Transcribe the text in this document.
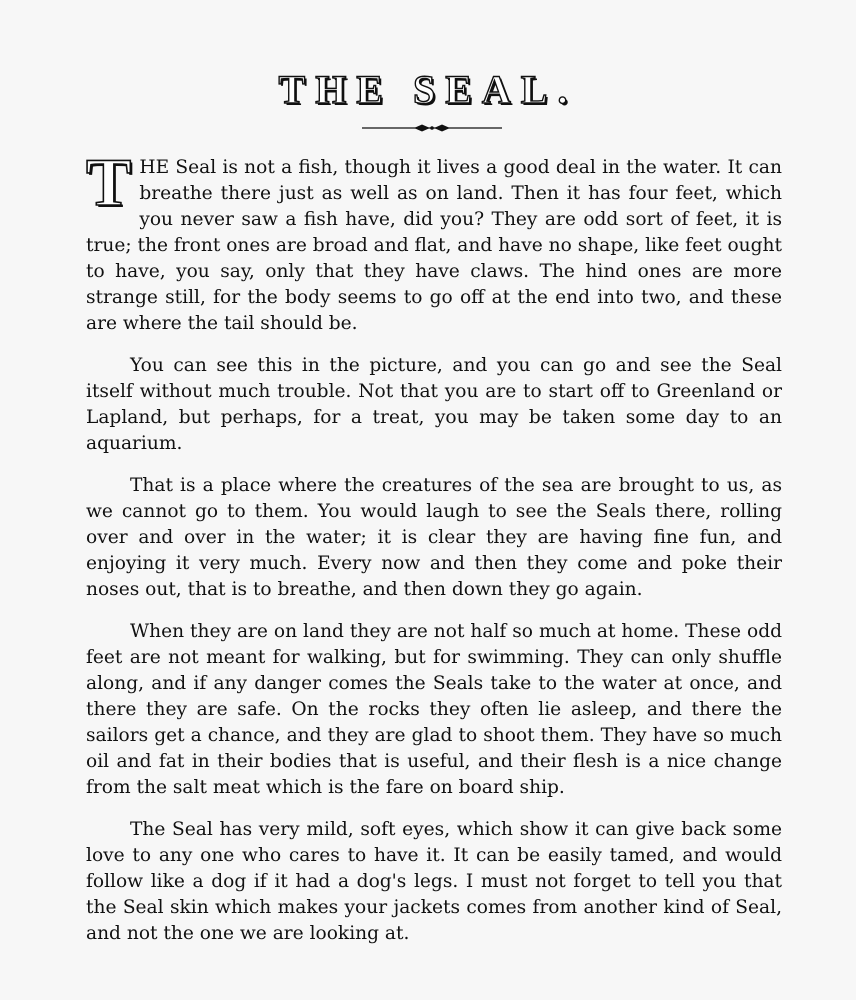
THE SEAL.

THE Seal is not a fish, though it lives a good deal in the water. It can breathe there just as well as on land. Then it has four feet, which you never saw a fish have, did you? They are odd sort of feet, it is true; the front ones are broad and flat, and have no shape, like feet ought to have, you say, only that they have claws. The hind ones are more strange still, for the body seems to go off at the end into two, and these are where the tail should be.

You can see this in the picture, and you can go and see the Seal itself without much trouble. Not that you are to start off to Greenland or Lapland, but perhaps, for a treat, you may be taken some day to an aquarium.

That is a place where the creatures of the sea are brought to us, as we cannot go to them. You would laugh to see the Seals there, rolling over and over in the water; it is clear they are having fine fun, and enjoying it very much. Every now and then they come and poke their noses out, that is to breathe, and then down they go again.

When they are on land they are not half so much at home. These odd feet are not meant for walking, but for swimming. They can only shuffle along, and if any danger comes the Seals take to the water at once, and there they are safe. On the rocks they often lie asleep, and there the sailors get a chance, and they are glad to shoot them. They have so much oil and fat in their bodies that is useful, and their flesh is a nice change from the salt meat which is the fare on board ship.

The Seal has very mild, soft eyes, which show it can give back some love to any one who cares to have it. It can be easily tamed, and would follow like a dog if it had a dog's legs. I must not forget to tell you that the Seal skin which makes your jackets comes from another kind of Seal, and not the one we are looking at.
